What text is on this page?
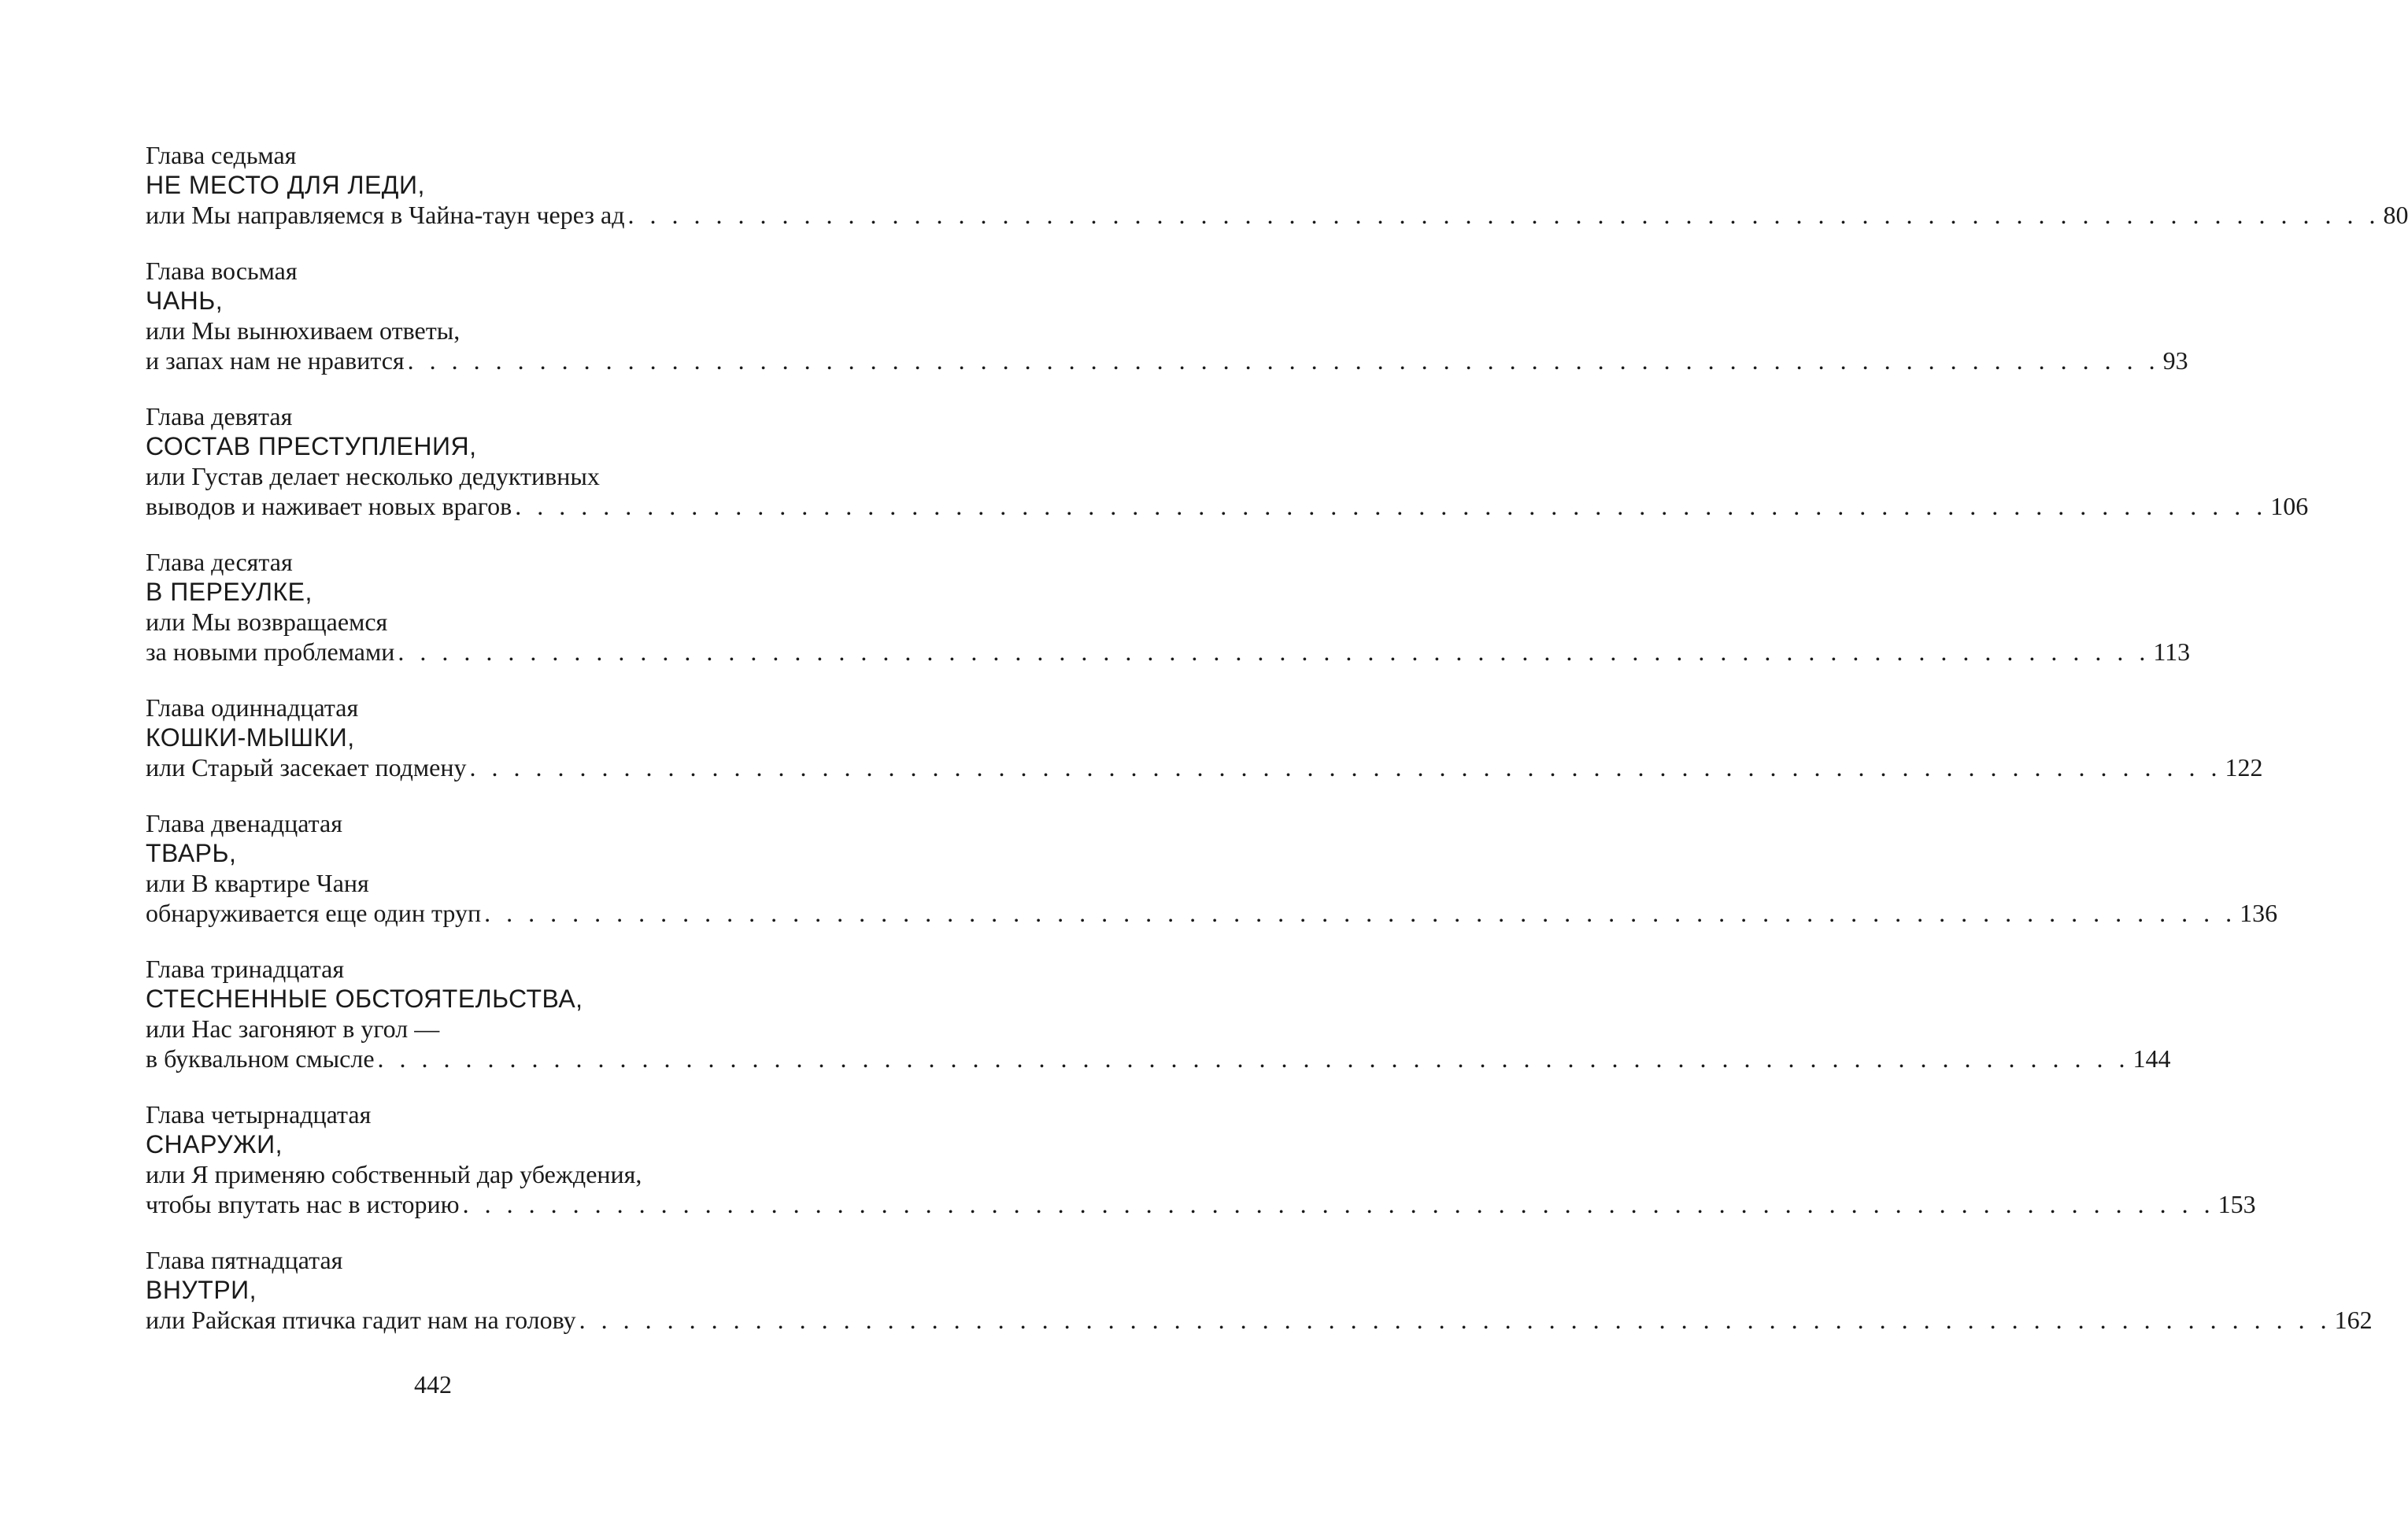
Глава седьмая
НЕ МЕСТО ДЛЯ ЛЕДИ,
или Мы направляемся в Чайна-таун через ад . . . . . . . . . . . . . . . . . . . . . . . . . . . . . . . . . . . . . . . . . . . . . . . . . . . . . . . . . . . . . . . . . . . . . . . . . . . . . . . . 80
Глава восьмая
ЧАНЬ,
или Мы вынюхиваем ответы,
и запах нам не нравится . . . . . . . . . . . . . . . . . . . . . . . . . . . . . . . . . . . . . . . . . . . . . . . . . . . . . . . . . . . . . . . . . . . . . . . . . . . . . . . . 93
Глава девятая
СОСТАВ ПРЕСТУПЛЕНИЯ,
или Густав делает несколько дедуктивных
выводов и наживает новых врагов . . . . . . . . . . . . . . . . . . . . . . . . . . . . . . . . . . . . . . . . . . . . . . . . . . . . . . . . . . . . . . . . . . . . . . . . . . . . . . . . 106
Глава десятая
В ПЕРЕУЛКЕ,
или Мы возвращаемся
за новыми проблемами . . . . . . . . . . . . . . . . . . . . . . . . . . . . . . . . . . . . . . . . . . . . . . . . . . . . . . . . . . . . . . . . . . . . . . . . . . . . . . . . 113
Глава одиннадцатая
КОШКИ-МЫШКИ,
или Старый засекает подмену . . . . . . . . . . . . . . . . . . . . . . . . . . . . . . . . . . . . . . . . . . . . . . . . . . . . . . . . . . . . . . . . . . . . . . . . . . . . . . . . 122
Глава двенадцатая
ТВАРЬ,
или В квартире Чаня
обнаруживается еще один труп . . . . . . . . . . . . . . . . . . . . . . . . . . . . . . . . . . . . . . . . . . . . . . . . . . . . . . . . . . . . . . . . . . . . . . . . . . . . . . . . 136
Глава тринадцатая
СТЕСНЕННЫЕ ОБСТОЯТЕЛЬСТВА,
или Нас загоняют в угол —
в буквальном смысле . . . . . . . . . . . . . . . . . . . . . . . . . . . . . . . . . . . . . . . . . . . . . . . . . . . . . . . . . . . . . . . . . . . . . . . . . . . . . . . . 144
Глава четырнадцатая
СНАРУЖИ,
или Я применяю собственный дар убеждения,
чтобы впутать нас в историю . . . . . . . . . . . . . . . . . . . . . . . . . . . . . . . . . . . . . . . . . . . . . . . . . . . . . . . . . . . . . . . . . . . . . . . . . . . . . . . . 153
Глава пятнадцатая
ВНУТРИ,
или Райская птичка гадит нам на голову . . . . . . . . . . . . . . . . . . . . . . . . . . . . . . . . . . . . . . . . . . . . . . . . . . . . . . . . . . . . . . . . . . . . . . . . . . . . . . . . 162
442
